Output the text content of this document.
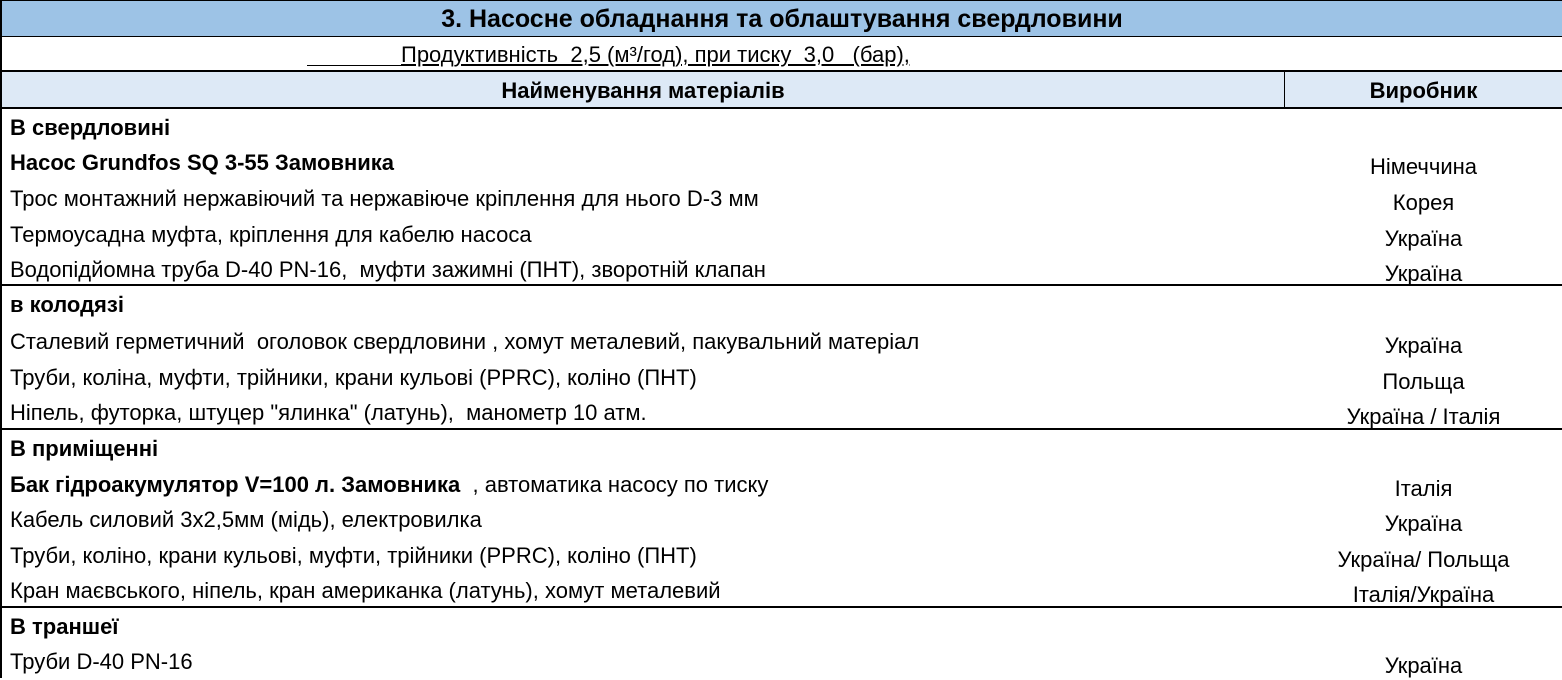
3. Насосне обладнання та облаштування свердловини
Продуктивність  2,5 (м³/год), при тиску  3,0   (бар),
Найменування матеріалів	Виробник
В свердловині
Насос Grundfos SQ 3-55 Замовника	Німеччина
Трос монтажний нержавіючий та нержавіюче кріплення для нього D-3 мм	Корея
Термоусадна муфта, кріплення для кабелю насоса	Україна
Водопідйомна труба D-40 PN-16,  муфти зажимні (ПНТ), зворотній клапан	Україна
в колодязі
Сталевий герметичний  оголовок свердловини , хомут металевий, пакувальний матеріал	Україна
Труби, коліна, муфти, трійники, крани кульові (PPRC), коліно (ПНТ)	Польща
Ніпель, футорка, штуцер "ялинка" (латунь),  манометр 10 атм.	Україна / Італія
В приміщенні
Бак гідроакумулятор V=100 л. Замовника  , автоматика насосу по тиску	Італія
Кабель силовий 3х2,5мм (мідь), електровилка	Україна
Труби, коліно, крани кульові, муфти, трійники (PPRC), коліно (ПНТ)	Україна/ Польща
Кран маєвського, ніпель, кран американка (латунь), хомут металевий	Італія/Україна
В траншеї
Труби D-40 PN-16	Україна
